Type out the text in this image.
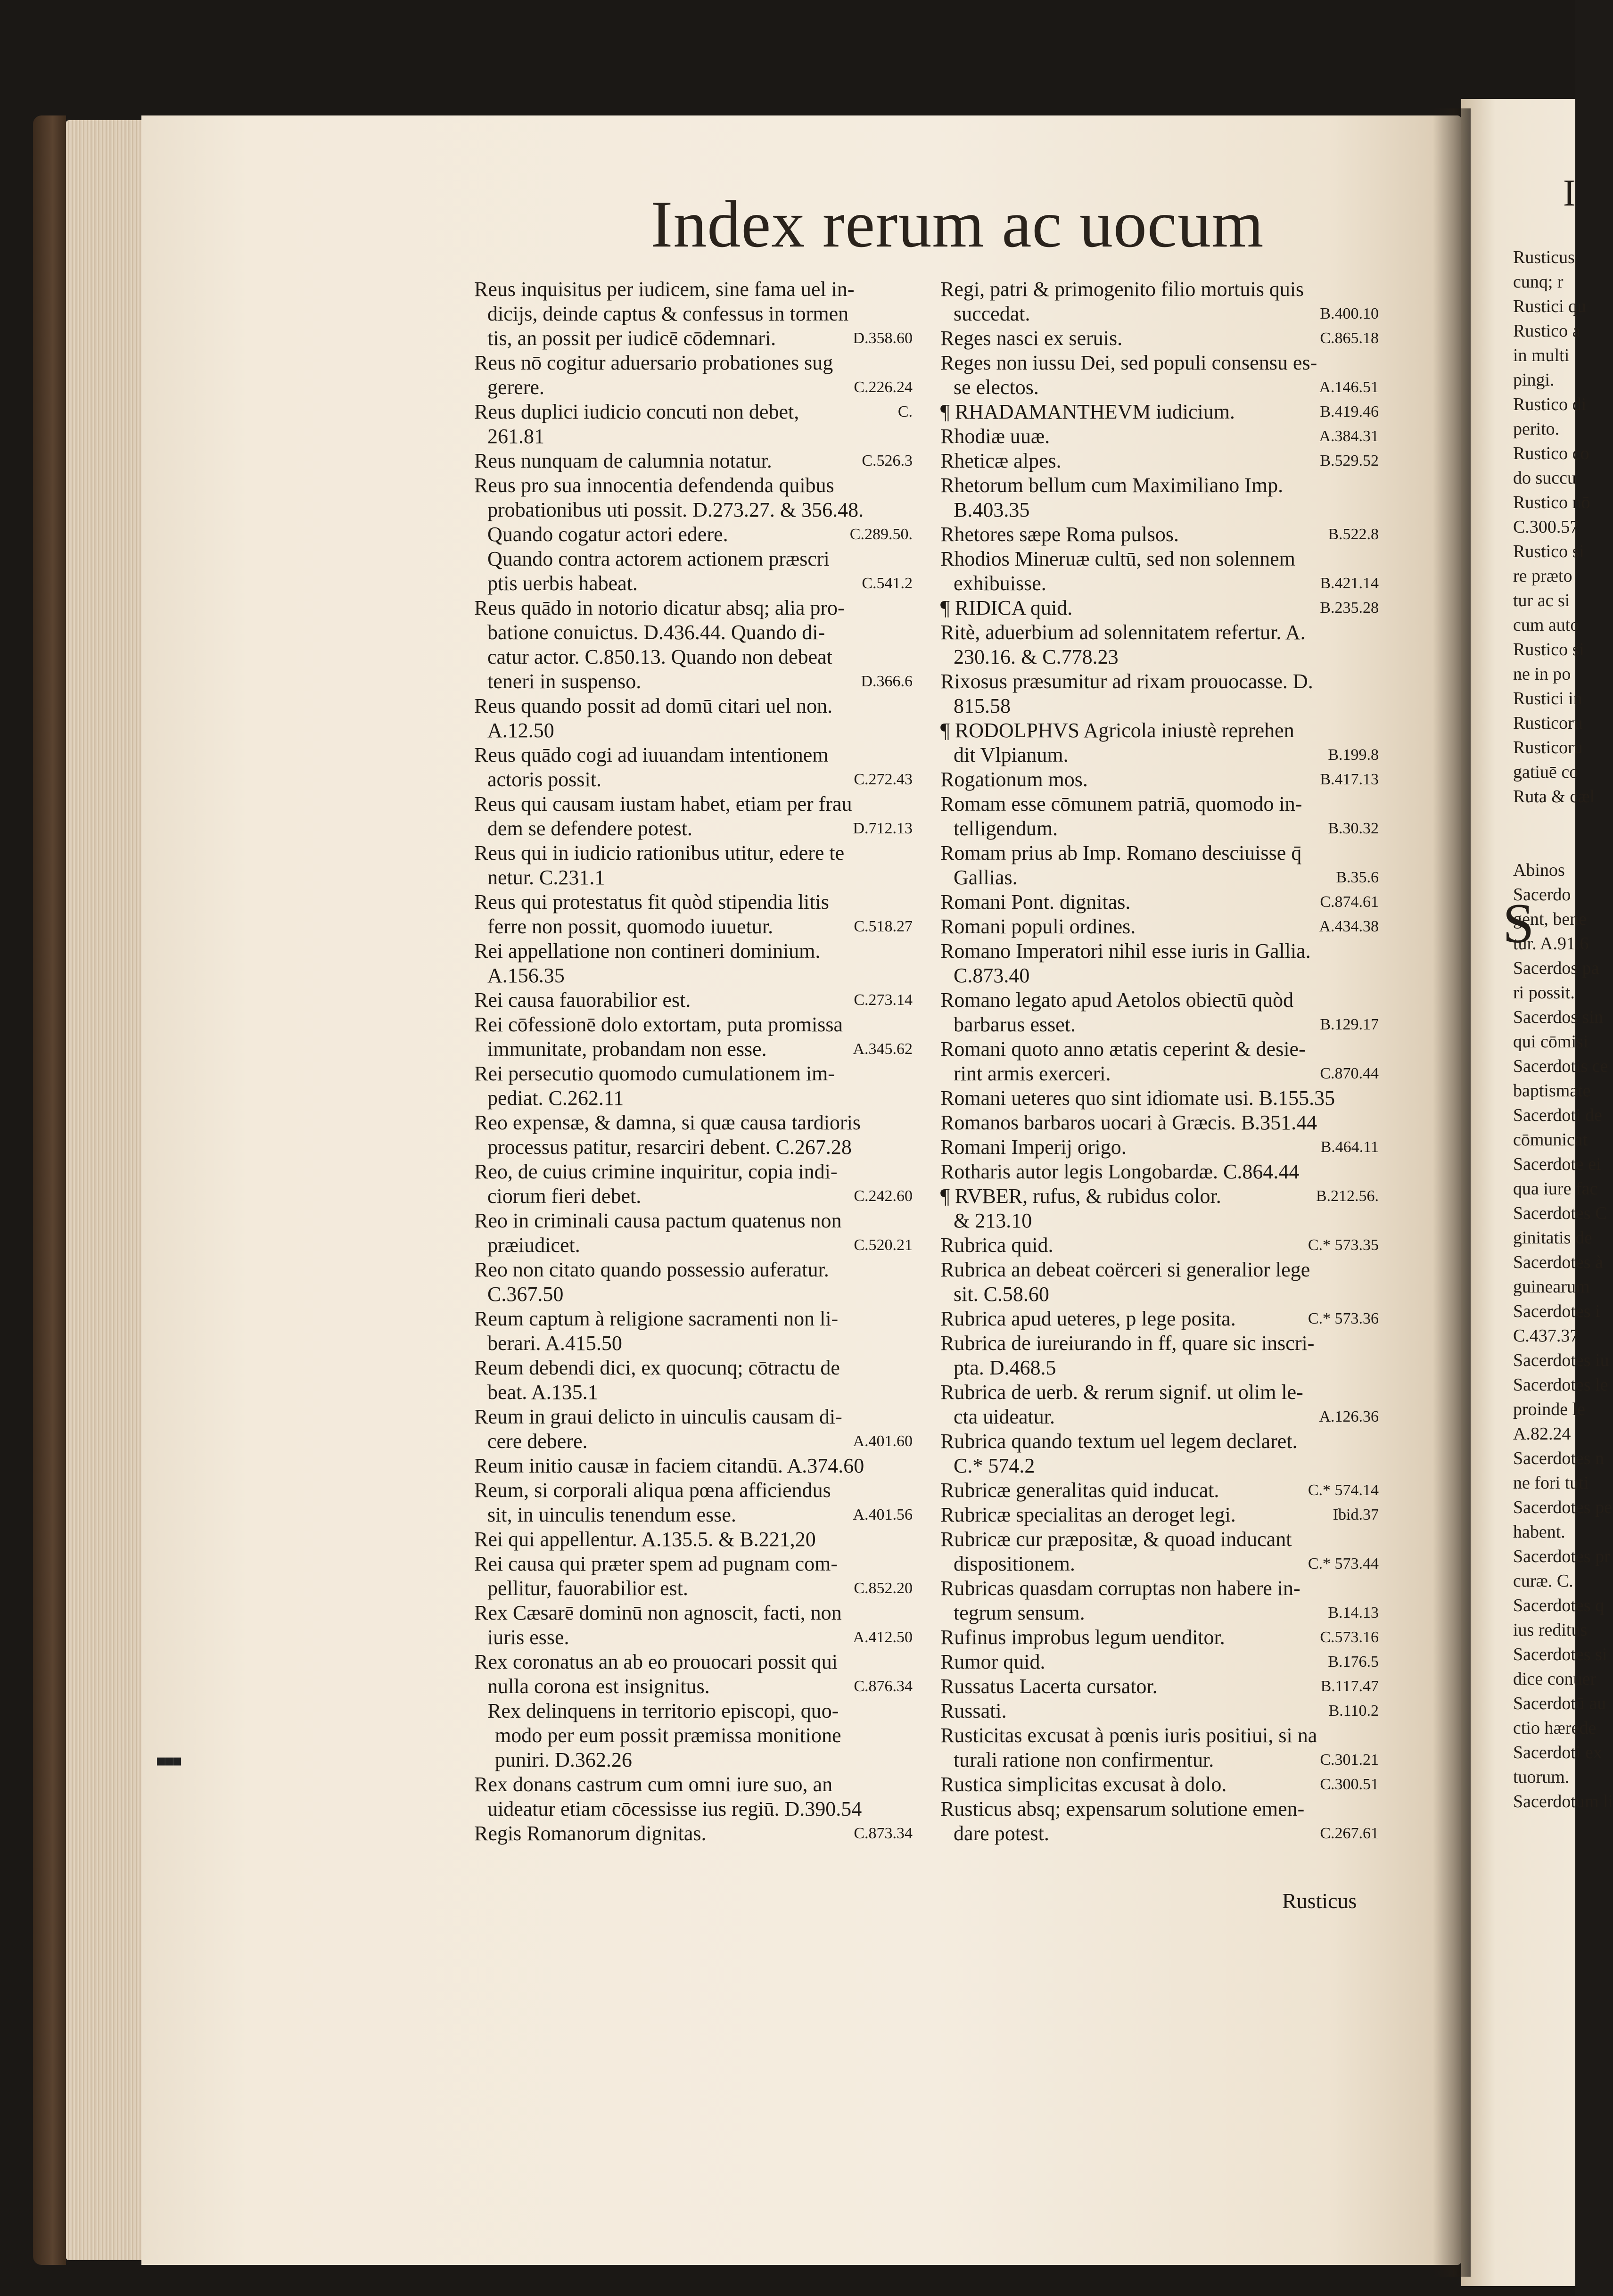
▪▪▪
Index rerum ac uocum
Reus inquisitus per iudicem, sine fama uel in-
dicijs, deinde captus & confessus in tormen
tis, an possit per iudicē cōdemnari.	D.358.60
Reus nō cogitur aduersario probationes sug
gerere.	C.226.24
Reus duplici iudicio concuti non debet,	C.
261.81
Reus nunquam de calumnia notatur.	C.526.3
Reus pro sua innocentia defendenda quibus
probationibus uti possit. D.273.27. & 356.48.
Quando cogatur actori edere.	C.289.50.
Quando contra actorem actionem præscri
ptis uerbis habeat.	C.541.2
Reus quādo in notorio dicatur absq; alia pro-
batione conuictus. D.436.44. Quando di-
catur actor. C.850.13. Quando non debeat
teneri in suspenso.	D.366.6
Reus quando possit ad domū citari uel non.
A.12.50
Reus quādo cogi ad iuuandam intentionem
actoris possit.	C.272.43
Reus qui causam iustam habet, etiam per frau
dem se defendere potest.	D.712.13
Reus qui in iudicio rationibus utitur, edere te
netur. C.231.1
Reus qui protestatus fit quòd stipendia litis
ferre non possit, quomodo iuuetur.	C.518.27
Rei appellatione non contineri dominium.
A.156.35
Rei causa fauorabilior est.	C.273.14
Rei cōfessionē dolo extortam, puta promissa
immunitate, probandam non esse.	A.345.62
Rei persecutio quomodo cumulationem im-
pediat. C.262.11
Reo expensæ, & damna, si quæ causa tardioris
processus patitur, resarciri debent. C.267.28
Reo, de cuius crimine inquiritur, copia indi-
ciorum fieri debet.	C.242.60
Reo in criminali causa pactum quatenus non
præiudicet.	C.520.21
Reo non citato quando possessio auferatur.
C.367.50
Reum captum à religione sacramenti non li-
berari. A.415.50
Reum debendi dici, ex quocunq; cōtractu de
beat. A.135.1
Reum in graui delicto in uinculis causam di-
cere debere.	A.401.60
Reum initio causæ in faciem citandū. A.374.60
Reum, si corporali aliqua pœna afficiendus
sit, in uinculis tenendum esse.	A.401.56
Rei qui appellentur. A.135.5. & B.221,20
Rei causa qui præter spem ad pugnam com-
pellitur, fauorabilior est.	C.852.20
Rex Cæsarē dominū non agnoscit, facti, non
iuris esse.	A.412.50
Rex coronatus an ab eo prouocari possit qui
nulla corona est insignitus.	C.876.34
Rex delinquens in territorio episcopi, quo-
modo per eum possit præmissa monitione
puniri. D.362.26
Rex donans castrum cum omni iure suo, an
uideatur etiam cōcessisse ius regiū. D.390.54
Regis Romanorum dignitas.	C.873.34
Regi, patri & primogenito filio mortuis quis
succedat.	B.400.10
Reges nasci ex seruis.	C.865.18
Reges non iussu Dei, sed populi consensu es-
se electos.	A.146.51
¶ RHADAMANTHEVM iudicium.	B.419.46
Rhodiæ uuæ.	A.384.31
Rheticæ alpes.	B.529.52
Rhetorum bellum cum Maximiliano Imp.
B.403.35
Rhetores sæpe Roma pulsos.	B.522.8
Rhodios Mineruæ cultū, sed non solennem
exhibuisse.	B.421.14
¶ RIDICA quid.	B.235.28
Ritè, aduerbium ad solennitatem refertur. A.
230.16. & C.778.23
Rixosus præsumitur ad rixam prouocasse. D.
815.58
¶ RODOLPHVS Agricola iniustè reprehen
dit Vlpianum.	B.199.8
Rogationum mos.	B.417.13
Romam esse cōmunem patriā, quomodo in-
telligendum.	B.30.32
Romam prius ab Imp. Romano desciuisse q̄
Gallias.	B.35.6
Romani Pont. dignitas.	C.874.61
Romani populi ordines.	A.434.38
Romano Imperatori nihil esse iuris in Gallia.
C.873.40
Romano legato apud Aetolos obiectū quòd
barbarus esset.	B.129.17
Romani quoto anno ætatis ceperint & desie-
rint armis exerceri.	C.870.44
Romani ueteres quo sint idiomate usi. B.155.35
Romanos barbaros uocari à Græcis. B.351.44
Romani Imperij origo.	B.464.11
Rotharis autor legis Longobardæ. C.864.44
¶ RVBER, rufus, & rubidus color.	B.212.56.
& 213.10
Rubrica quid.	C.* 573.35
Rubrica an debeat coërceri si generalior lege
sit. C.58.60
Rubrica apud ueteres, p lege posita.	C.* 573.36
Rubrica de iureiurando in ff, quare sic inscri-
pta. D.468.5
Rubrica de uerb. & rerum signif. ut olim le-
cta uideatur.	A.126.36
Rubrica quando textum uel legem declaret.
C.* 574.2
Rubricæ generalitas quid inducat.	C.* 574.14
Rubricæ specialitas an deroget legi.	Ibid.37
Rubricæ cur præpositæ, & quoad inducant
dispositionem.	C.* 573.44
Rubricas quasdam corruptas non habere in-
tegrum sensum.	B.14.13
Rufinus improbus legum uenditor.	C.573.16
Rumor quid.	B.176.5
Russatus Lacerta cursator.	B.117.47
Russati.	B.110.2
Rusticitas excusat à pœnis iuris positiui, si na
turali ratione non confirmentur.	C.301.21
Rustica simplicitas excusat à dolo.	C.300.51
Rusticus absq; expensarum solutione emen-
dare potest.	C.267.61
Rusticus
I
Rusticus
cunq; r
Rustici qu
Rustico a
in multi
pingi.
Rustico di
perito.
Rustico co
do succu
Rustico nō
C.300.57
Rustico si
re præto
tur ac si
cum auto
Rustico si
ne in po
Rustici in
Rusticoru
Rusticoru
gatiuē co
Ruta & cæl

Abinos
Sacerdo
gent, bene
tur. A.91.6
Sacerdos pa
ri possit.
Sacerdos sin
qui cōmisi
Sacerdotis ce
baptismate
Sacerdoti de
cōmunicat
Sacerdote ei
qua iure fac
Sacerdotes C
ginitatis de
Sacerdotes à
guinearum
Sacerdotes i
C.437.37
Sacerdotes iu
Sacerdotes le
proinde le
A.82.24
Sacerdotes n
ne fori tuti
Sacerdotes pe
habent.
Sacerdotes pr
curæ. C.
Sacerdotes q
ius reditus
Sacerdotes si
dice conuer
Sacerdotū au
ctio hærede
Sacerdoti ex
tuorum.
Sacerdotum li
S
